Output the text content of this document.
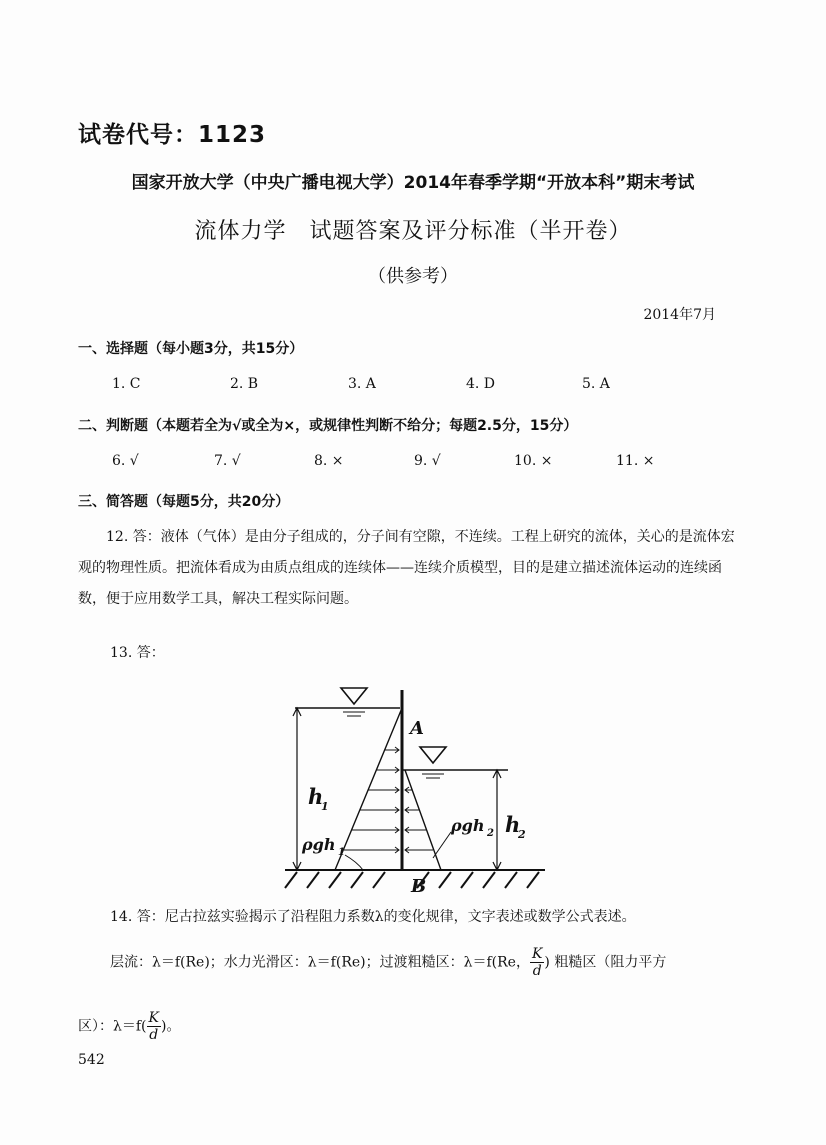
试卷代号：1123
国家开放大学（中央广播电视大学）2014年春季学期“开放本科”期末考试
流体力学　试题答案及评分标准（半开卷）
（供参考）
2014年7月
一、选择题（每小题3分，共15分）
1. C	2. B	3. A	4. D	5. A
二、判断题（本题若全为√或全为×，或规律性判断不给分；每题2.5分，15分）
6. √	7. √	8. ×	9. √	10. ×	11. ×
三、简答题（每题5分，共20分）
12. 答：液体（气体）是由分子组成的，分子间有空隙，不连续。工程上研究的流体，关心的是流体宏观的物理性质。把流体看成为由质点组成的连续体——连续介质模型，目的是建立描述流体运动的连续函数，便于应用数学工具，解决工程实际问题。
13. 答：
A
B
h
1
h
2
ρgh 1
ρgh 2
14. 答：尼古拉兹实验揭示了沿程阻力系数λ的变化规律，文字表述或数学公式表述。
层流：λ＝f(Re)；水力光滑区：λ＝f(Re)；过渡粗糙区：λ＝f(Re， $\frac{K}{d}$ ) 粗糙区（阻力平方
区）：$\lambda=f( \frac{K}{d}$ )。
542
